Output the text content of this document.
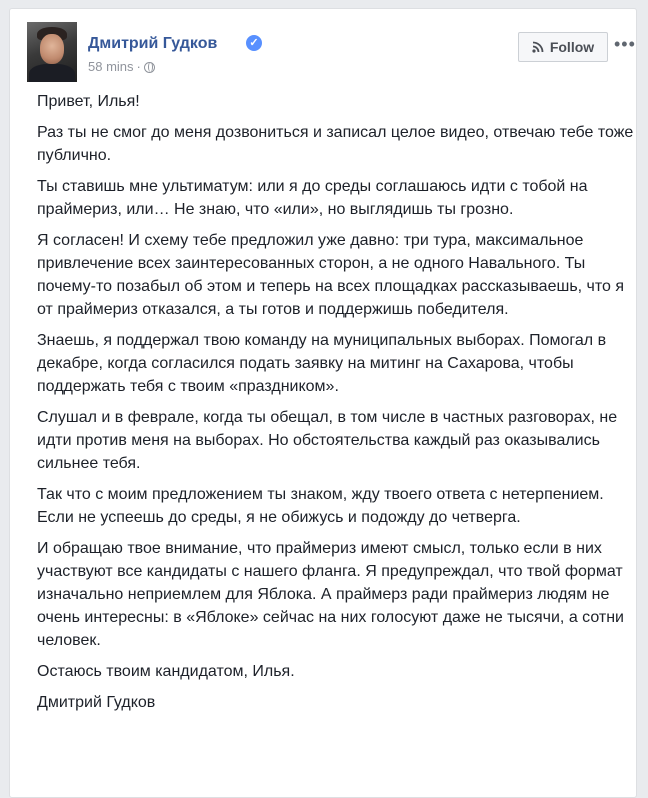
Дмитрий Гудков	✓
58 mins ·
Follow •••

Привет, Илья!

Раз ты не смог до меня дозвониться и записал целое видео, отвечаю тебе тоже публично.

Ты ставишь мне ультиматум: или я до среды соглашаюсь идти с тобой на праймериз, или… Не знаю, что «или», но выглядишь ты грозно.

Я согласен! И схему тебе предложил уже давно: три тура, максимальное привлечение всех заинтересованных сторон, а не одного Навального. Ты почему-то позабыл об этом и теперь на всех площадках рассказываешь, что я от праймериз отказался, а ты готов и поддержишь победителя.

Знаешь, я поддержал твою команду на муниципальных выборах. Помогал в декабре, когда согласился подать заявку на митинг на Сахарова, чтобы поддержать тебя с твоим «праздником».

Слушал и в феврале, когда ты обещал, в том числе в частных разговорах, не идти против меня на выборах. Но обстоятельства каждый раз оказывались сильнее тебя.

Так что с моим предложением ты знаком, жду твоего ответа с нетерпением. Если не успеешь до среды, я не обижусь и подожду до четверга.

И обращаю твое внимание, что праймериз имеют смысл, только если в них участвуют все кандидаты с нашего фланга. Я предупреждал, что твой формат изначально неприемлем для Яблока. А праймерз ради праймериз людям не очень интересны: в «Яблоке» сейчас на них голосуют даже не тысячи, а сотни человек.

Остаюсь твоим кандидатом, Илья.

Дмитрий Гудков
